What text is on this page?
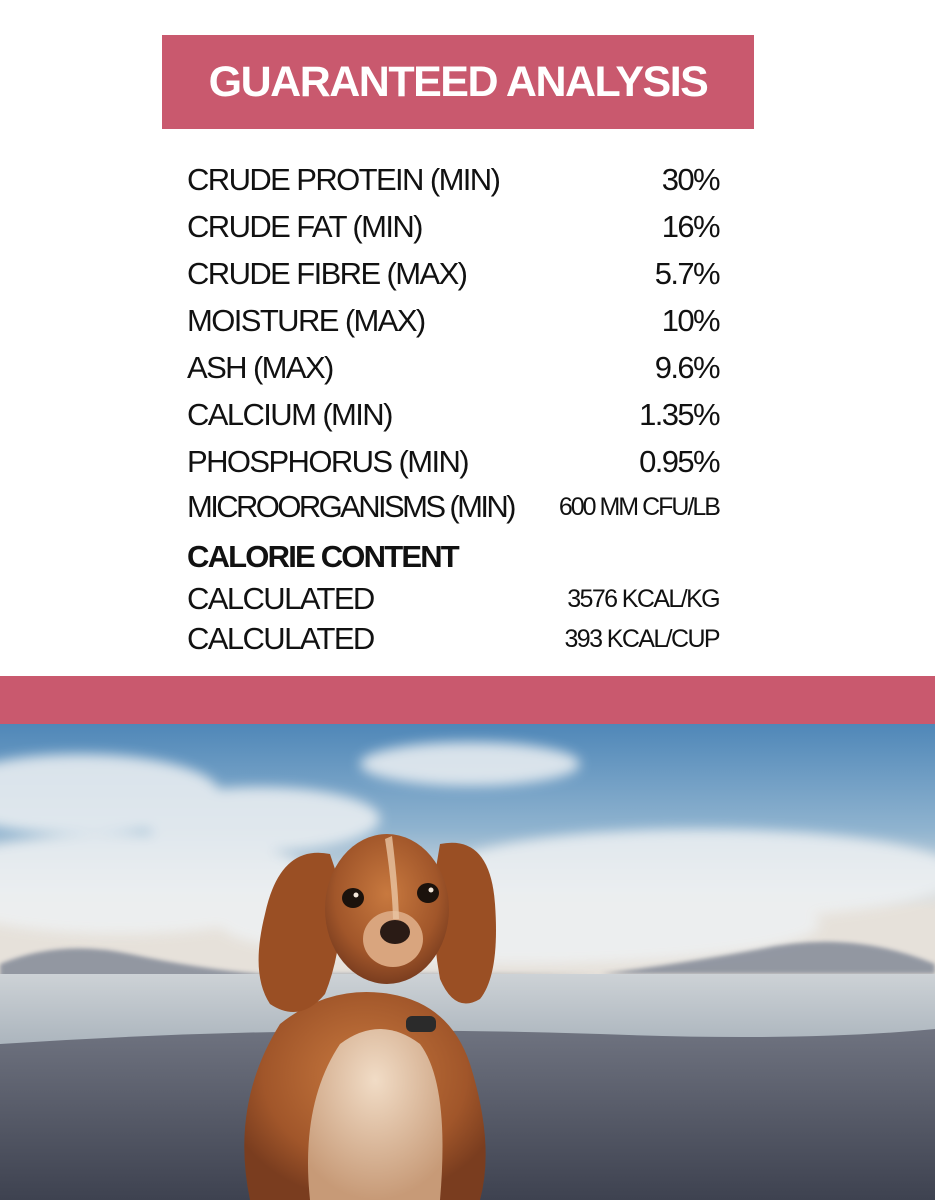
GUARANTEED ANALYSIS
CRUDE PROTEIN (MIN)	30%
CRUDE FAT (MIN)	16%
CRUDE FIBRE (MAX)	5.7%
MOISTURE (MAX)	10%
ASH (MAX)	9.6%
CALCIUM (MIN)	1.35%
PHOSPHORUS (MIN)	0.95%
MICROORGANISMS (MIN) 600 MM CFU/LB
CALORIE CONTENT
CALCULATED	3576 KCAL/KG
CALCULATED	393 KCAL/CUP
